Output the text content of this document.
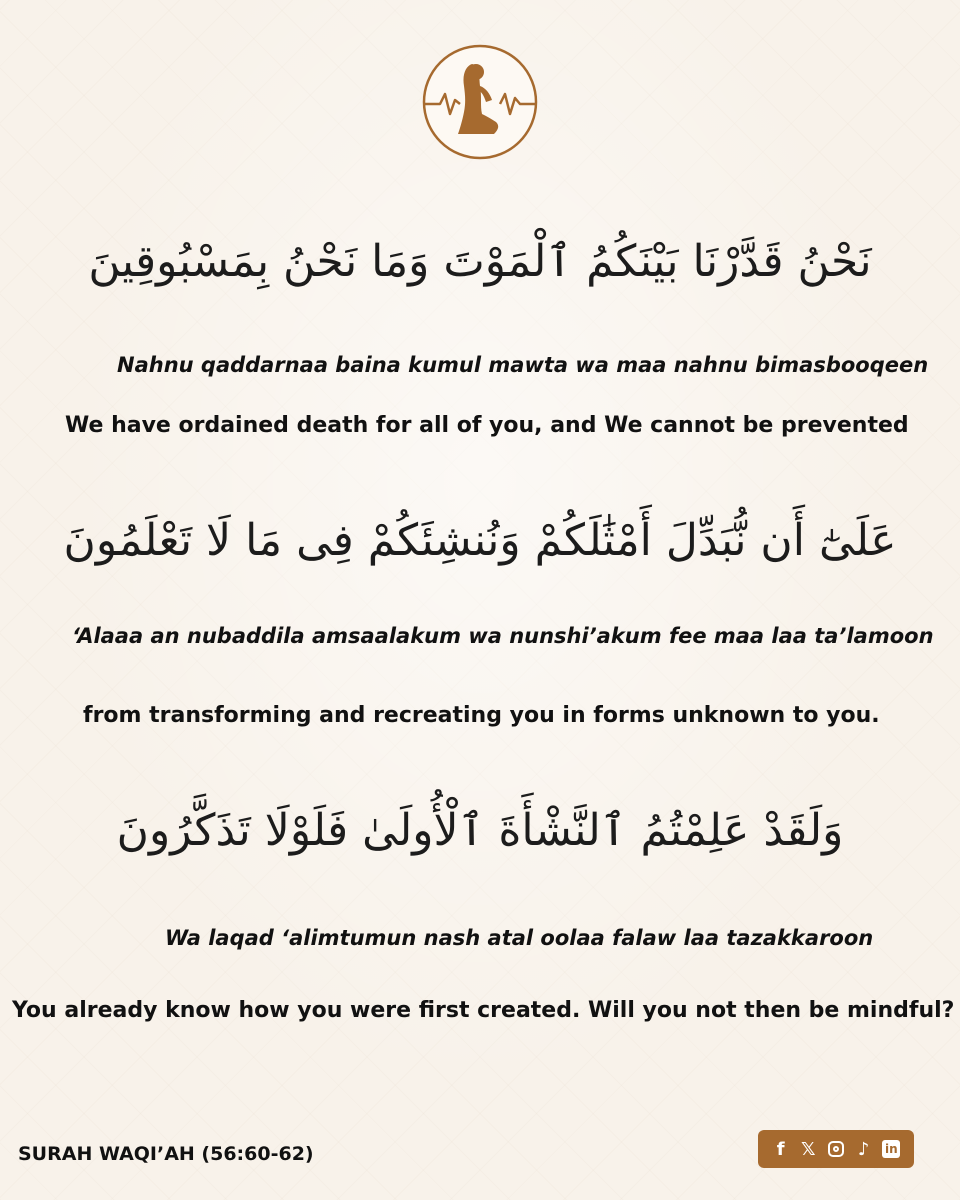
نَحْنُ قَدَّرْنَا بَيْنَكُمُ ٱلْمَوْتَ وَمَا نَحْنُ بِمَسْبُوقِينَ
Nahnu qaddarnaa baina kumul mawta wa maa nahnu bimasbooqeen
We have ordained death for all of you, and We cannot be prevented
عَلَىٰٓ أَن نُّبَدِّلَ أَمْثَٰلَكُمْ وَنُنشِئَكُمْ فِى مَا لَا تَعْلَمُونَ
‘Alaaa an nubaddila amsaalakum wa nunshi’akum fee maa laa ta’lamoon
from transforming and recreating you in forms unknown to you.
وَلَقَدْ عَلِمْتُمُ ٱلنَّشْأَةَ ٱلْأُولَىٰ فَلَوْلَا تَذَكَّرُونَ
Wa laqad ‘alimtumun nash atal oolaa falaw laa tazakkaroon
You already know how you were first created. Will you not then be mindful?
SURAH WAQI’AH (56:60-62)	f 𝕏 ♪	in
